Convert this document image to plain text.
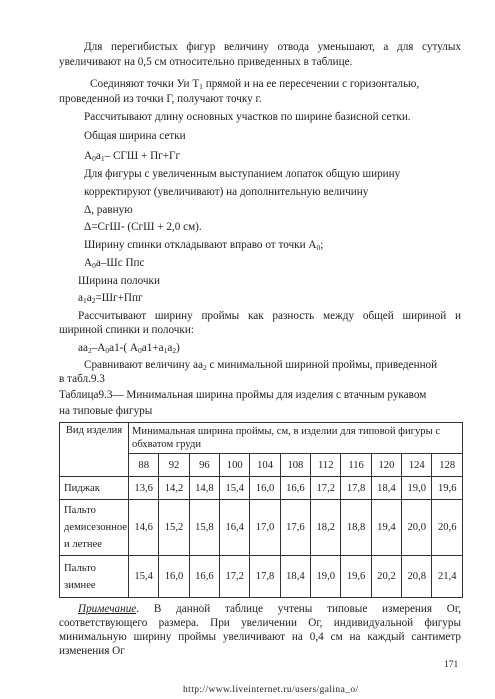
Для перегибистых фигур величину отвода уменьшают, а для сутулых
увеличивают на 0,5 см относительно приведенных в таблице.
Соединяют точки Уи $Т_1$ прямой и на ее пересечении с горизонталью,
проведенной из точки Г, получают точку г.
Рассчитывают длину основных участков по ширине базисной сетки.
Общая ширина сетки
$А_0а_1-$ СГШ + Пг+Гг
Для фигуры с увеличенным выступанием лопаток общую ширину
корректируют (увеличивают) на дополнительную величину
Δ, равную
Δ=СгШ- (СгШ + 2,0 см).
Ширину спинки откладывают вправо от точки $А_0$;
$А_0а-Шс$ Ппс
Ширина полочки
$а_1а_2=Шг+Ппг$
Рассчитывают ширину проймы как разность между общей шириной и
шириной спинки и полочки:
$аа_2-А_0а1-$( $А_0а1+а_1а_2$)
Сравнивают величину $аа_2$ с минимальной шириной проймы, приведенной
в табл.9.3
Таблица9.3— Минимальная ширина проймы для изделия с втачным рукавом
на типовые фигуры
Вид изделия	Минимальная ширина проймы, см, в изделии для типовой фигуры с обхватом груди										
	88	92	96	100	104	108	112	116	120	124	128

Пиджак	13,6	14,2	14,8	15,4	16,0	16,6	17,2	17,8	18,4	19,0	19,6

Пальто
демисезонное
и летнее	14,6	15,2	15,8	16,4	17,0	17,6	18,2	18,8	19,4	20,0	20,6

Пальто
зимнее	15,4	16,0	16,6	17,2	17,8	18,4	19,0	19,6	20,2	20,8	21,4
Примечание. В данной таблице учтены типовые измерения Ог,
соответствующего размера. При увеличении Ог, индивидуальной фигуры
минимальную ширину проймы увеличивают на 0,4 см на каждый сантиметр
изменения Ог
171
http://www.liveinternet.ru/users/galina_o/
